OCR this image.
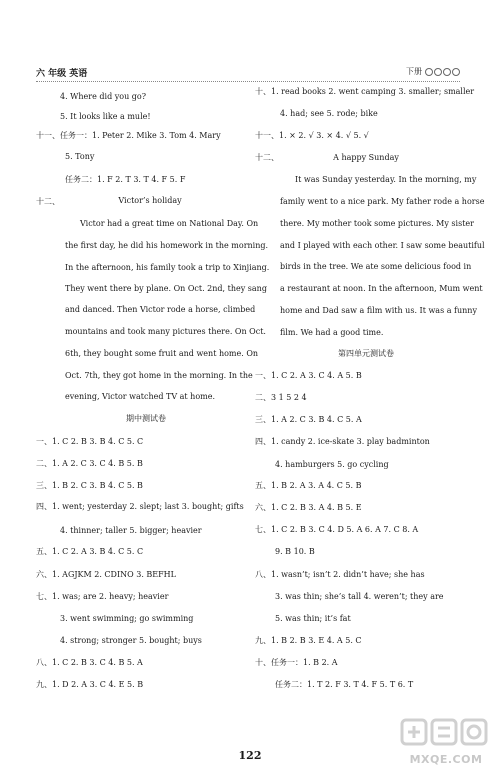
六 年级 英语	下册
4. Where did you go?
5. It looks like a mule!
十一、任务一：1. Peter 2. Mike 3. Tom 4. Mary
5. Tony
任务二：1. F 2. T 3. T 4. F 5. F
十二、	Victor’s holiday
Victor had a great time on National Day. On
the first day, he did his homework in the morning.
In the afternoon, his family took a trip to Xinjiang.
They went there by plane. On Oct. 2nd, they sang
and danced. Then Victor rode a horse, climbed
mountains and took many pictures there. On Oct.
6th, they bought some fruit and went home. On
Oct. 7th, they got home in the morning. In the
evening, Victor watched TV at home.
期中测试卷
一、1. C 2. B 3. B 4. C 5. C
二、1. A 2. C 3. C 4. B 5. B
三、1. B 2. C 3. B 4. C 5. B
四、1. went; yesterday 2. slept; last 3. bought; gifts
4. thinner; taller 5. bigger; heavier
五、1. C 2. A 3. B 4. C 5. C
六、1. AGJKM 2. CDINO 3. BEFHL
七、1. was; are 2. heavy; heavier
3. went swimming; go swimming
4. strong; stronger 5. bought; buys
八、1. C 2. B 3. C 4. B 5. A
九、1. D 2. A 3. C 4. E 5. B
十、1. read books 2. went camping 3. smaller; smaller
4. had; see 5. rode; bike
十一、1. × 2. √ 3. × 4. √ 5. √
十二、	A happy Sunday
It was Sunday yesterday. In the morning, my
family went to a nice park. My father rode a horse
there. My mother took some pictures. My sister
and I played with each other. I saw some beautiful
birds in the tree. We ate some delicious food in
a restaurant at noon. In the afternoon, Mum went
home and Dad saw a film with us. It was a funny
film. We had a good time.
第四单元测试卷
一、1. C 2. A 3. C 4. A 5. B
二、3 1 5 2 4
三、1. A 2. C 3. B 4. C 5. A
四、1. candy 2. ice-skate 3. play badminton
4. hamburgers 5. go cycling
五、1. B 2. A 3. A 4. C 5. B
六、1. C 2. B 3. A 4. B 5. E
七、1. C 2. B 3. C 4. D 5. A 6. A 7. C 8. A
9. B 10. B
八、1. wasn’t; isn’t 2. didn’t have; she has
3. was thin; she’s tall 4. weren’t; they are
5. was thin; it’s fat
九、1. B 2. B 3. E 4. A 5. C
十、任务一：1. B 2. A
任务二：1. T 2. F 3. T 4. F 5. T 6. T
122	MXQE.COM
